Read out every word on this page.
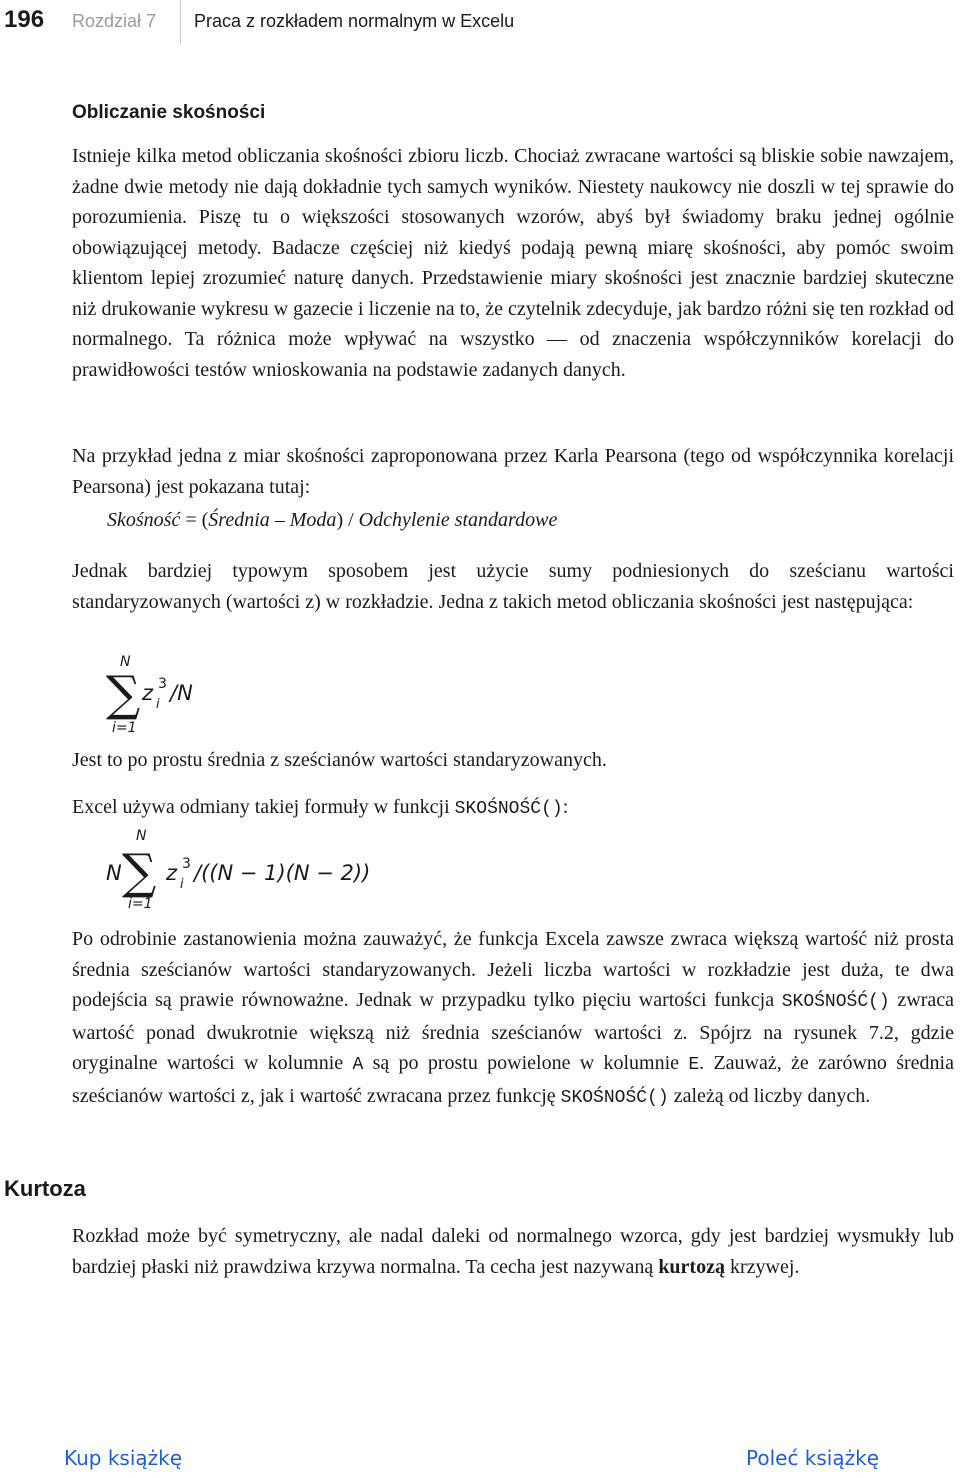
196 Rozdział 7 Praca z rozkładem normalnym w Excelu
Obliczanie skośności

Istnieje kilka metod obliczania skośności zbioru liczb. Chociaż zwracane wartości są bliskie sobie nawzajem, żadne dwie metody nie dają dokładnie tych samych wyników. Niestety naukowcy nie doszli w tej sprawie do porozumienia. Piszę tu o większości stosowanych wzorów, abyś był świadomy braku jednej ogólnie obowiązującej metody. Badacze częściej niż kiedyś podają pewną miarę skośności, aby pomóc swoim klientom lepiej zrozumieć naturę danych. Przedstawienie miary skośności jest znacznie bardziej skuteczne niż drukowanie wykresu w gazecie i liczenie na to, że czytelnik zdecyduje, jak bardzo różni się ten rozkład od normalnego. Ta różnica może wpływać na wszystko — od znaczenia współczynników korelacji do prawidłowości testów wnioskowania na podstawie zadanych danych.

Na przykład jedna z miar skośności zaproponowana przez Karla Pearsona (tego od współczynnika korelacji Pearsona) jest pokazana tutaj:

Skośność = (Średnia – Moda) / Odchylenie standardowe

Jednak bardziej typowym sposobem jest użycie sumy podniesionych do sześcianu wartości standaryzowanych (wartości z) w rozkładzie. Jedna z takich metod obliczania skośności jest następująca:

N
∑
i=1
z i
3 /N

Jest to po prostu średnia z sześcianów wartości standaryzowanych.

Excel używa odmiany takiej formuły w funkcji SKOŚNOŚĆ():

N
N
∑
i=1
z i
3 /((N − 1)(N − 2))

Po odrobinie zastanowienia można zauważyć, że funkcja Excela zawsze zwraca większą wartość niż prosta średnia sześcianów wartości standaryzowanych. Jeżeli liczba wartości w rozkładzie jest duża, te dwa podejścia są prawie równoważne. Jednak w przypadku tylko pięciu wartości funkcja SKOŚNOŚĆ() zwraca wartość ponad dwukrotnie większą niż średnia sześcianów wartości z. Spójrz na rysunek 7.2, gdzie oryginalne wartości w kolumnie A są po prostu powielone w kolumnie E. Zauważ, że zarówno średnia sześcianów wartości z, jak i wartość zwracana przez funkcję SKOŚNOŚĆ() zależą od liczby danych.

Kurtoza

Rozkład może być symetryczny, ale nadal daleki od normalnego wzorca, gdy jest bardziej wysmukły lub bardziej płaski niż prawdziwa krzywa normalna. Ta cecha jest nazywaną kurtozą krzywej.

Kup książkę	Poleć książkę
